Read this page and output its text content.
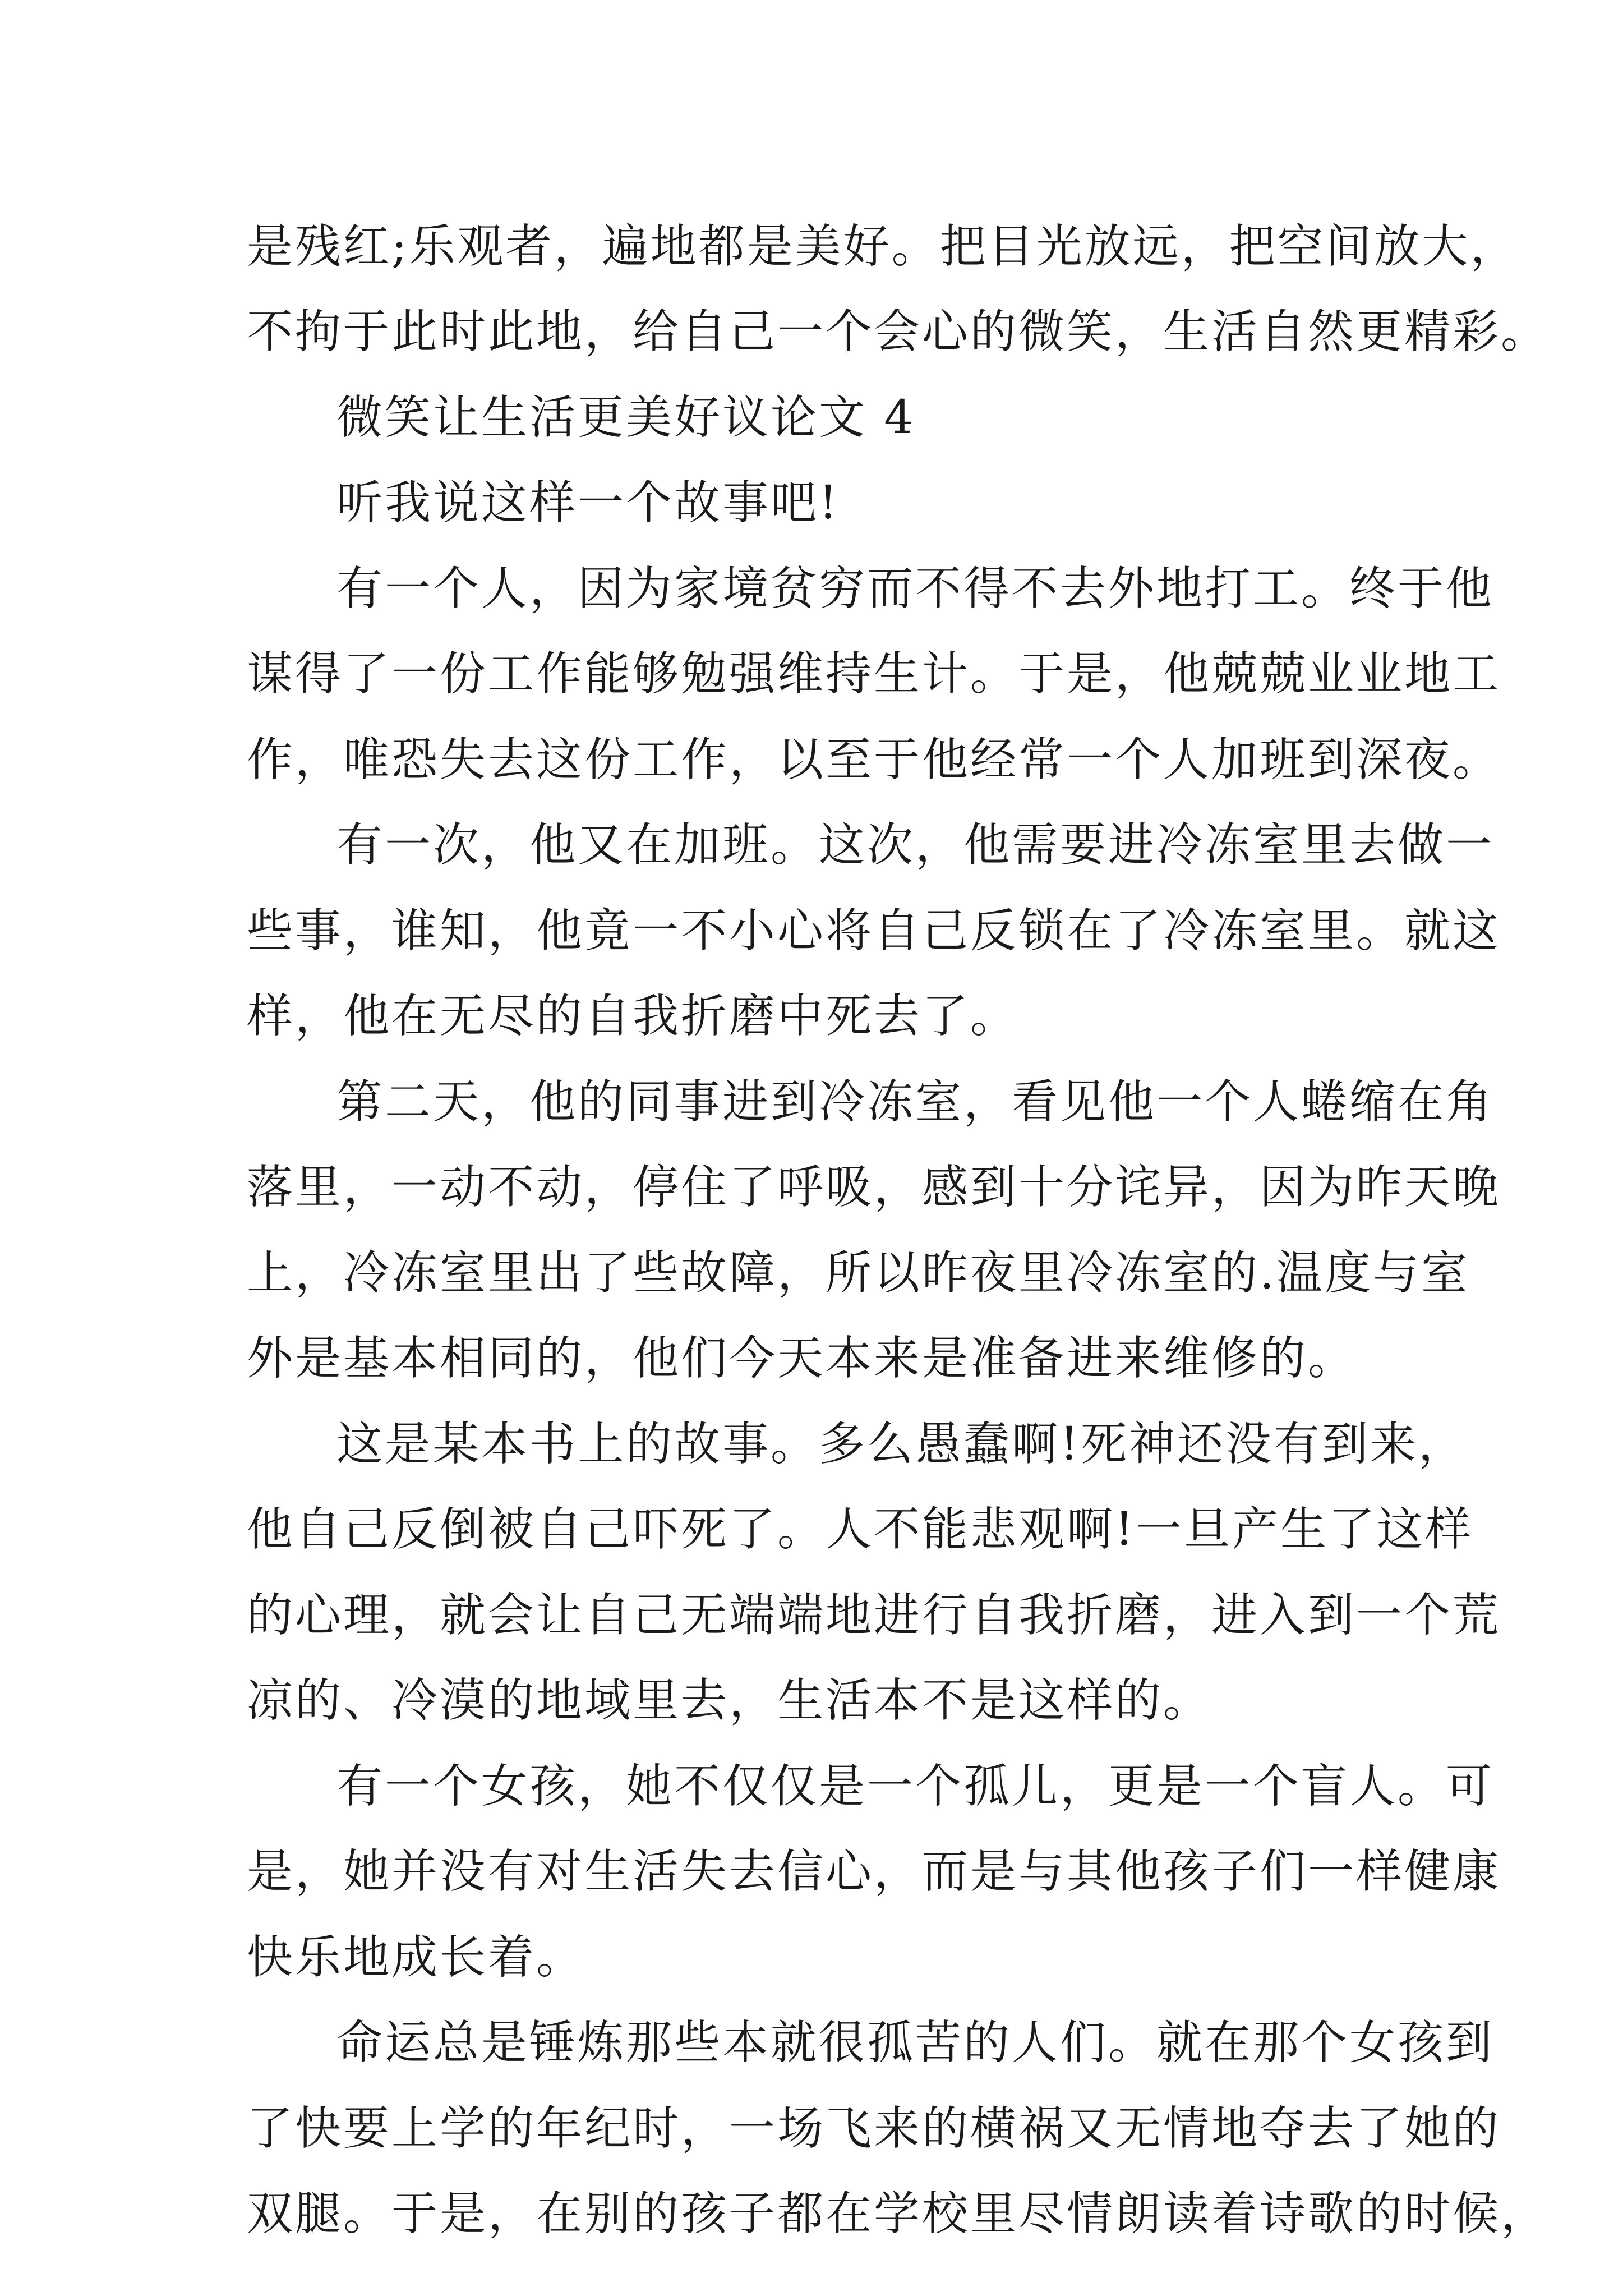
是残红;乐观者，遍地都是美好。把目光放远，把空间放大，
不拘于此时此地，给自己一个会心的微笑，生活自然更精彩。
微笑让生活更美好议论文 4
听我说这样一个故事吧!
有一个人，因为家境贫穷而不得不去外地打工。终于他
谋得了一份工作能够勉强维持生计。于是，他兢兢业业地工
作，唯恐失去这份工作，以至于他经常一个人加班到深夜。
有一次，他又在加班。这次，他需要进冷冻室里去做一
些事，谁知，他竟一不小心将自己反锁在了冷冻室里。就这
样，他在无尽的自我折磨中死去了。
第二天，他的同事进到冷冻室，看见他一个人蜷缩在角
落里，一动不动，停住了呼吸，感到十分诧异，因为昨天晚
上，冷冻室里出了些故障，所以昨夜里冷冻室的.温度与室
外是基本相同的，他们今天本来是准备进来维修的。
这是某本书上的故事。多么愚蠢啊!死神还没有到来，
他自己反倒被自己吓死了。人不能悲观啊!一旦产生了这样
的心理，就会让自己无端端地进行自我折磨，进入到一个荒
凉的、冷漠的地域里去，生活本不是这样的。
有一个女孩，她不仅仅是一个孤儿，更是一个盲人。可
是，她并没有对生活失去信心，而是与其他孩子们一样健康
快乐地成长着。
命运总是锤炼那些本就很孤苦的人们。就在那个女孩到
了快要上学的年纪时，一场飞来的横祸又无情地夺去了她的
双腿。于是，在别的孩子都在学校里尽情朗读着诗歌的时候，
